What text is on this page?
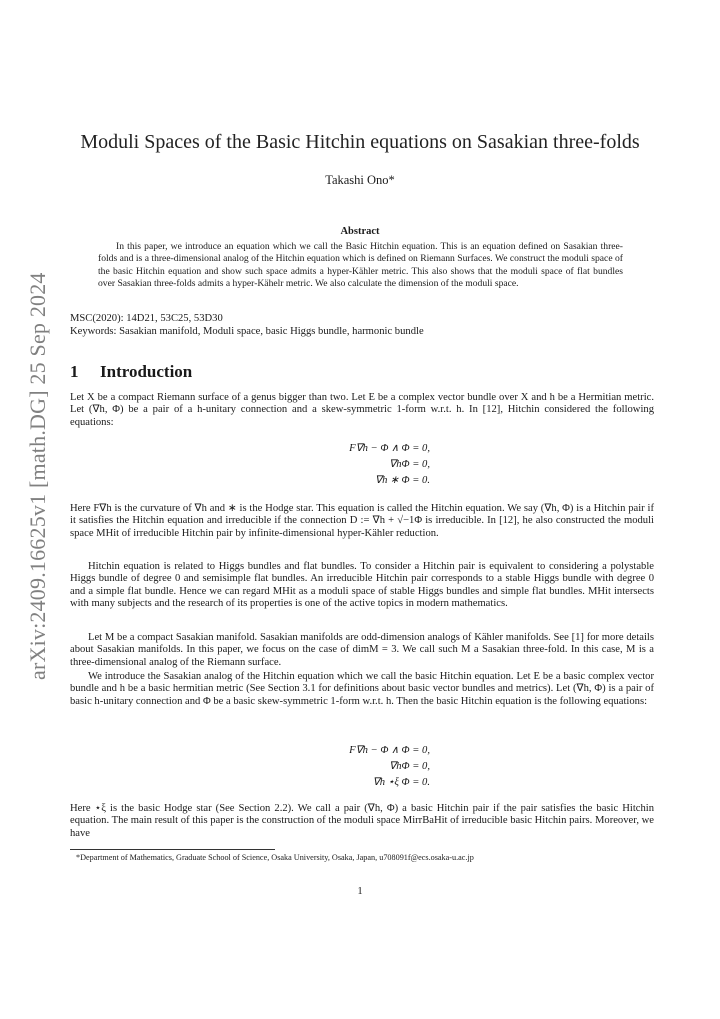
arXiv:2409.16625v1 [math.DG] 25 Sep 2024
Moduli Spaces of the Basic Hitchin equations on Sasakian three-folds
Takashi Ono*
Abstract
In this paper, we introduce an equation which we call the Basic Hitchin equation. This is an equation defined on Sasakian three-folds and is a three-dimensional analog of the Hitchin equation which is defined on Riemann Surfaces. We construct the moduli space of the basic Hitchin equation and show such space admits a hyper-Kähler metric. This also shows that the moduli space of flat bundles over Sasakian three-folds admits a hyper-Kähelr metric. We also calculate the dimension of the moduli space.
MSC(2020): 14D21, 53C25, 53D30
Keywords: Sasakian manifold, Moduli space, basic Higgs bundle, harmonic bundle
1 Introduction
Let X be a compact Riemann surface of a genus bigger than two. Let E be a complex vector bundle over X and h be a Hermitian metric. Let (∇h, Φ) be a pair of a h-unitary connection and a skew-symmetric 1-form w.r.t. h. In [12], Hitchin considered the following equations:
F∇h − Φ ∧ Φ = 0,
∇hΦ = 0,
∇h ∗ Φ = 0.
Here F∇h is the curvature of ∇h and ∗ is the Hodge star. This equation is called the Hitchin equation. We say (∇h, Φ) is a Hitchin pair if it satisfies the Hitchin equation and irreducible if the connection D := ∇h + √−1Φ is irreducible. In [12], he also constructed the moduli space MHit of irreducible Hitchin pair by infinite-dimensional hyper-Kähler reduction.
Hitchin equation is related to Higgs bundles and flat bundles. To consider a Hitchin pair is equivalent to considering a polystable Higgs bundle of degree 0 and semisimple flat bundles. An irreducible Hitchin pair corresponds to a stable Higgs bundle with degree 0 and a simple flat bundle. Hence we can regard MHit as a moduli space of stable Higgs bundles and simple flat bundles. MHit intersects with many subjects and the research of its properties is one of the active topics in modern mathematics.
Let M be a compact Sasakian manifold. Sasakian manifolds are odd-dimension analogs of Kähler manifolds. See [1] for more details about Sasakian manifolds. In this paper, we focus on the case of dimM = 3. We call such M a Sasakian three-fold. In this case, M is a three-dimensional analog of the Riemann surface.
We introduce the Sasakian analog of the Hitchin equation which we call the basic Hitchin equation. Let E be a basic complex vector bundle and h be a basic hermitian metric (See Section 3.1 for definitions about basic vector bundles and metrics). Let (∇h, Φ) is a pair of basic h-unitary connection and Φ be a basic skew-symmetric 1-form w.r.t. h. Then the basic Hitchin equation is the following equations:
F∇h − Φ ∧ Φ = 0,
∇hΦ = 0,
∇h ⋆ξ Φ = 0.
Here ⋆ξ is the basic Hodge star (See Section 2.2). We call a pair (∇h, Φ) a basic Hitchin pair if the pair satisfies the basic Hitchin equation. The main result of this paper is the construction of the moduli space MirrBaHit of irreducible basic Hitchin pairs. Moreover, we have
*Department of Mathematics, Graduate School of Science, Osaka University, Osaka, Japan, u708091f@ecs.osaka-u.ac.jp
1
